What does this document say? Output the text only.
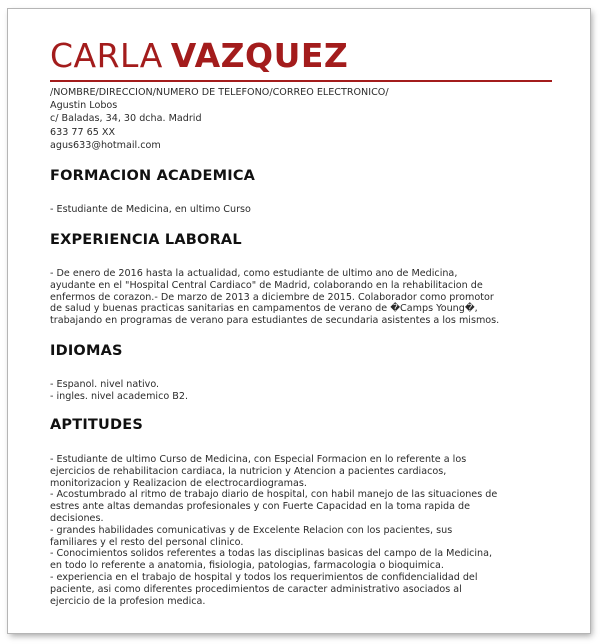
CARLA VAZQUEZ
/NOMBRE/DIRECCION/NUMERO DE TELEFONO/CORREO ELECTRONICO/
Agustin Lobos
c/ Baladas, 34, 30 dcha. Madrid
633 77 65 XX
agus633@hotmail.com
FORMACION ACADEMICA
- Estudiante de Medicina, en ultimo Curso
EXPERIENCIA LABORAL
- De enero de 2016 hasta la actualidad, como estudiante de ultimo ano de Medicina,
ayudante en el "Hospital Central Cardiaco" de Madrid, colaborando en la rehabilitacion de
enfermos de corazon.- De marzo de 2013 a diciembre de 2015. Colaborador como promotor
de salud y buenas practicas sanitarias en campamentos de verano de �Camps Young�,
trabajando en programas de verano para estudiantes de secundaria asistentes a los mismos.
IDIOMAS
- Espanol. nivel nativo.
- ingles. nivel academico B2.
APTITUDES
- Estudiante de ultimo Curso de Medicina, con Especial Formacion en lo referente a los
ejercicios de rehabilitacion cardiaca, la nutricion y Atencion a pacientes cardiacos,
monitorizacion y Realizacion de electrocardiogramas.
- Acostumbrado al ritmo de trabajo diario de hospital, con habil manejo de las situaciones de
estres ante altas demandas profesionales y con Fuerte Capacidad en la toma rapida de
decisiones.
- grandes habilidades comunicativas y de Excelente Relacion con los pacientes, sus
familiares y el resto del personal clinico.
- Conocimientos solidos referentes a todas las disciplinas basicas del campo de la Medicina,
en todo lo referente a anatomia, fisiologia, patologias, farmacologia o bioquimica.
- experiencia en el trabajo de hospital y todos los requerimientos de confidencialidad del
paciente, asi como diferentes procedimientos de caracter administrativo asociados al
ejercicio de la profesion medica.
